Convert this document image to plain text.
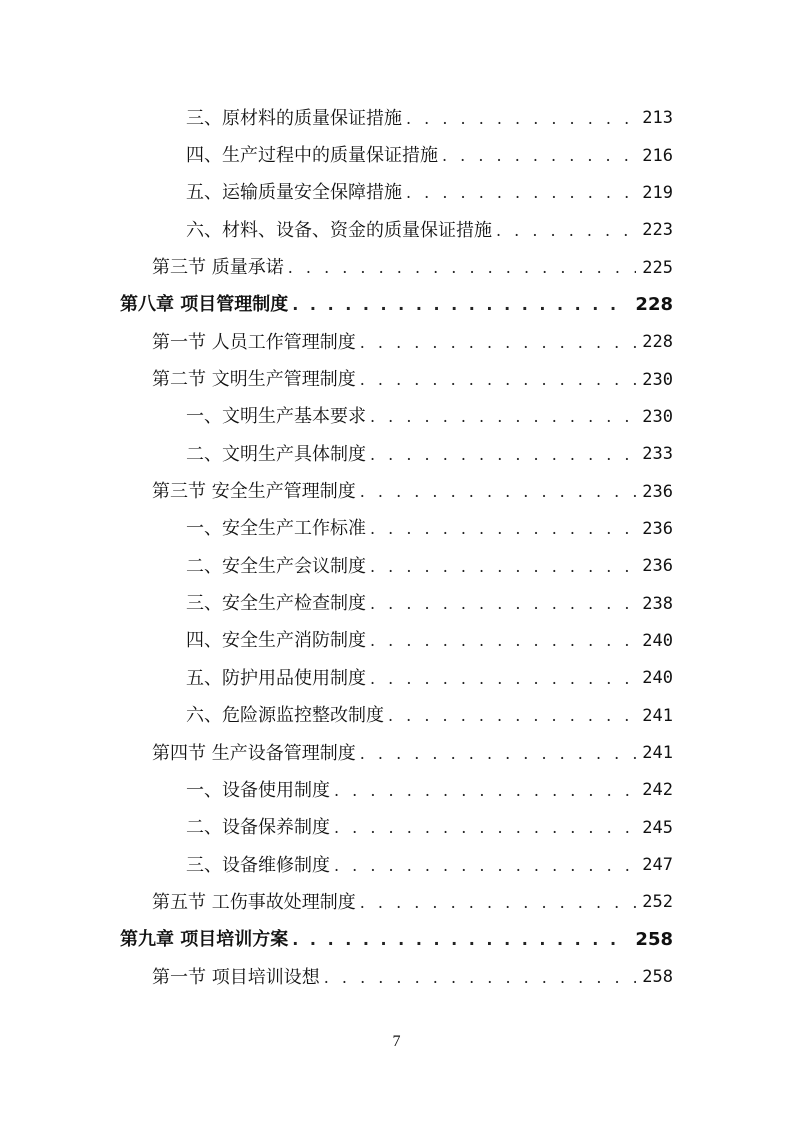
三、原材料的质量保证措施 . . .	213
四、生产过程中的质量保证措施 . . .	216
五、运输质量安全保障措施 . . .	219
六、材料、设备、资金的质量保证措施 . . .	223
第三节 质量承诺 . . .	225
第八章 项目管理制度 . . .	228
第一节 人员工作管理制度 . . .	228
第二节 文明生产管理制度 . . .	230
一、文明生产基本要求 . . .	230
二、文明生产具体制度 . . .	233
第三节 安全生产管理制度 . . .	236
一、安全生产工作标准 . . .	236
二、安全生产会议制度 . . .	236
三、安全生产检查制度 . . .	238
四、安全生产消防制度 . . .	240
五、防护用品使用制度 . . .	240
六、危险源监控整改制度 . . .	241
第四节 生产设备管理制度 . . .	241
一、设备使用制度 . . .	242
二、设备保养制度 . . .	245
三、设备维修制度 . . .	247
第五节 工伤事故处理制度 . . .	252
第九章 项目培训方案 . . .	258
第一节 项目培训设想 . . .	258
7
